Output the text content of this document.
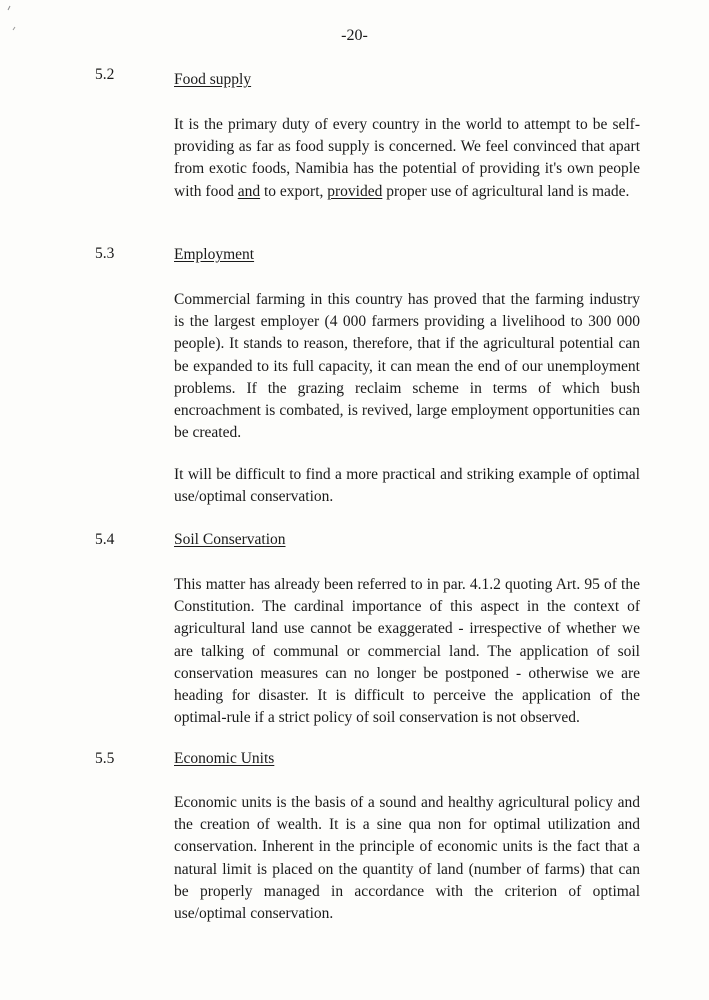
-20-
5.2	Food supply

It is the primary duty of every country in the world to attempt to be self-providing as far as food supply is concerned. We feel convinced that apart from exotic foods, Namibia has the potential of providing it's own people with food and to export, provided proper use of agricultural land is made.

5.3	Employment

Commercial farming in this country has proved that the farming industry is the largest employer (4 000 farmers providing a livelihood to 300 000 people). It stands to reason, therefore, that if the agricultural potential can be expanded to its full capacity, it can mean the end of our unemployment problems. If the grazing reclaim scheme in terms of which bush encroachment is combated, is revived, large employment opportunities can be created.

It will be difficult to find a more practical and striking example of optimal use/optimal conservation.

5.4	Soil Conservation

This matter has already been referred to in par. 4.1.2 quoting Art. 95 of the Constitution. The cardinal importance of this aspect in the context of agricultural land use cannot be exaggerated - irrespective of whether we are talking of communal or commercial land. The application of soil conservation measures can no longer be postponed - otherwise we are heading for disaster. It is difficult to perceive the application of the optimal-rule if a strict policy of soil conservation is not observed.

5.5	Economic Units

Economic units is the basis of a sound and healthy agricultural policy and the creation of wealth. It is a sine qua non for optimal utilization and conservation. Inherent in the principle of economic units is the fact that a natural limit is placed on the quantity of land (number of farms) that can be properly managed in accordance with the criterion of optimal use/optimal conservation.
